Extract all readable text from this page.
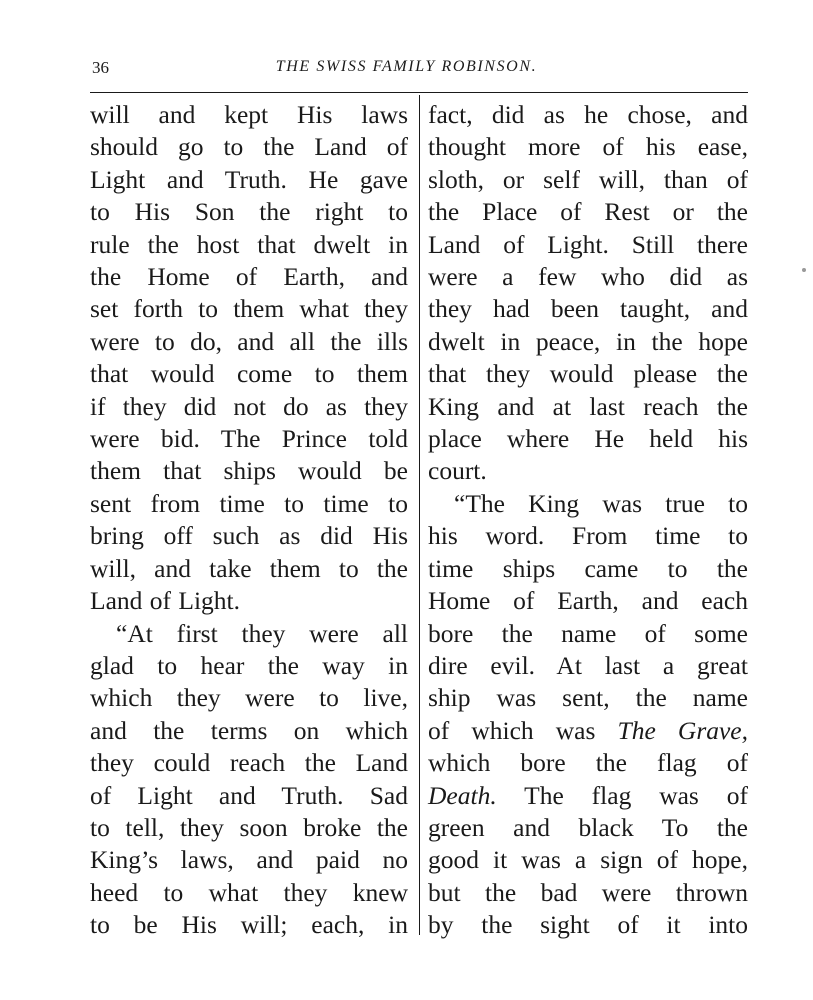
36	THE SWISS FAMILY ROBINSON.
will and kept His laws
should go to the Land of
Light and Truth. He gave
to His Son the right to
rule the host that dwelt in
the Home of Earth, and
set forth to them what they
were to do, and all the ills
that would come to them
if they did not do as they
were bid. The Prince told
them that ships would be
sent from time to time to
bring off such as did His
will, and take them to the
Land of Light.
“At first they were all
glad to hear the way in
which they were to live,
and the terms on which
they could reach the Land
of Light and Truth. Sad
to tell, they soon broke the
King’s laws, and paid no
heed to what they knew
to be His will; each, in
fact, did as he chose, and
thought more of his ease,
sloth, or self will, than of
the Place of Rest or the
Land of Light. Still there
were a few who did as
they had been taught, and
dwelt in peace, in the hope
that they would please the
King and at last reach the
place where He held his
court.
“The King was true to
his word. From time to
time ships came to the
Home of Earth, and each
bore the name of some
dire evil. At last a great
ship was sent, the name
of which was The Grave,
which bore the flag of
Death. The flag was of
green and black To the
good it was a sign of hope,
but the bad were thrown
by the sight of it into
